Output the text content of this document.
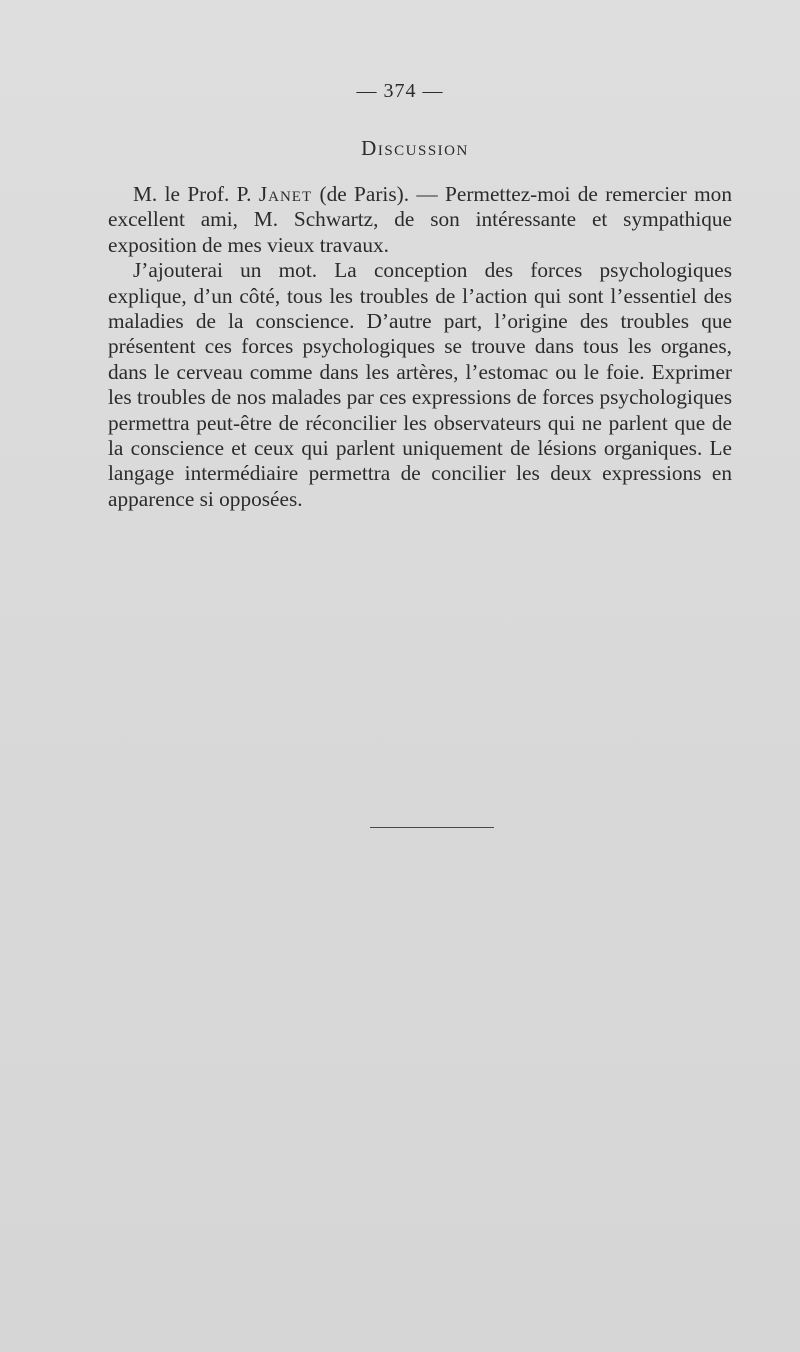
— 374 —
Discussion

M. le Prof. P. Janet (de Paris). — Permettez-moi de remercier mon excellent ami, M. Schwartz, de son intéressante et sympathique exposition de mes vieux travaux.

J’ajouterai un mot. La conception des forces psychologiques explique, d’un côté, tous les troubles de l’action qui sont l’essentiel des maladies de la conscience. D’autre part, l’origine des troubles que présentent ces forces psychologiques se trouve dans tous les organes, dans le cerveau comme dans les artères, l’estomac ou le foie. Exprimer les troubles de nos malades par ces expressions de forces psychologiques permettra peut-être de réconcilier les observateurs qui ne parlent que de la conscience et ceux qui parlent uniquement de lésions organiques. Le langage intermédiaire permettra de concilier les deux expressions en apparence si opposées.
